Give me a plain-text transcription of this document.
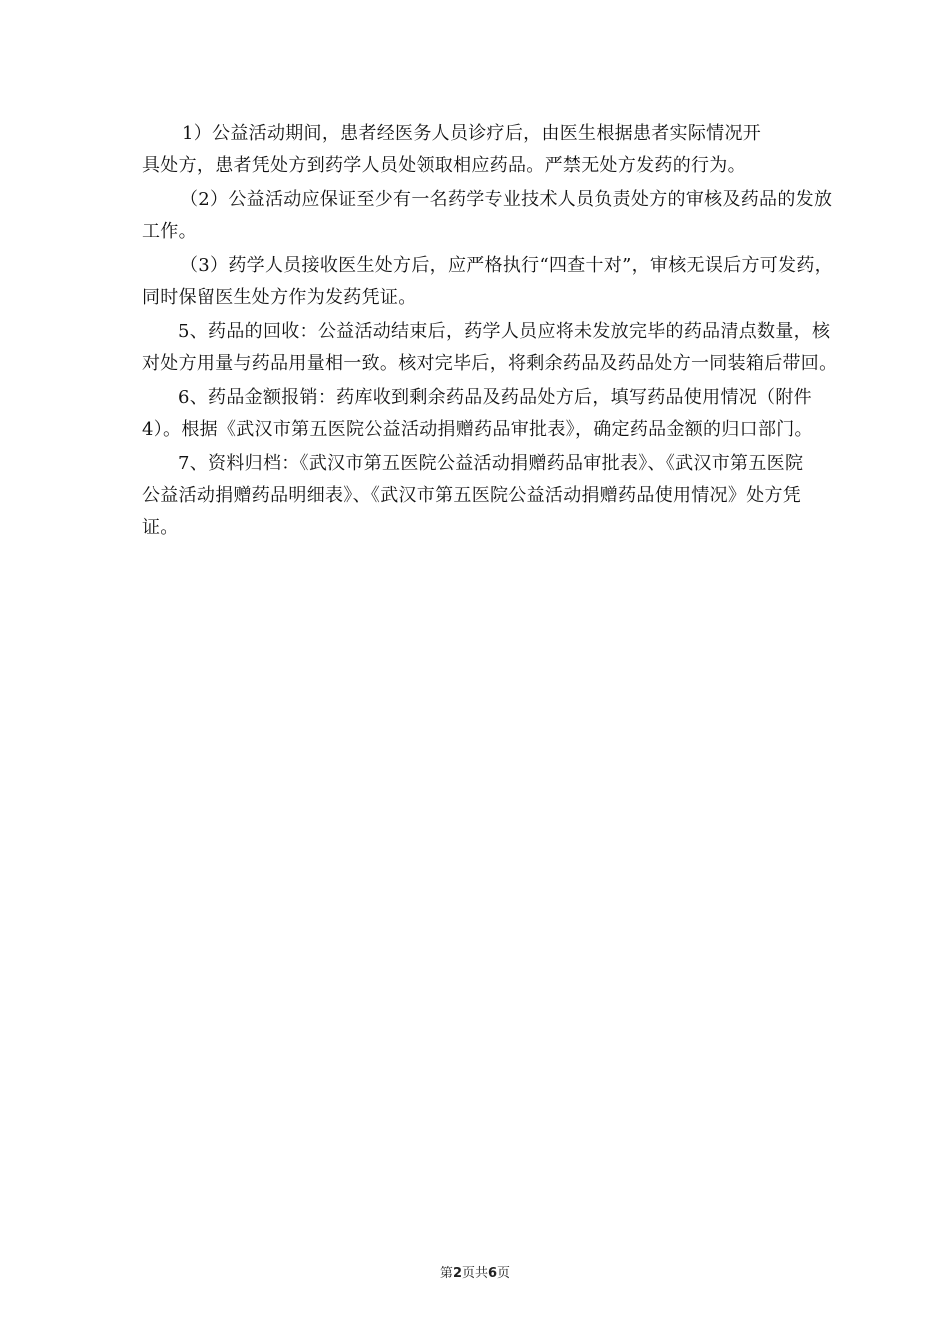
1）公益活动期间，患者经医务人员诊疗后，由医生根据患者实际情况开
具处方，患者凭处方到药学人员处领取相应药品。严禁无处方发药的行为。

（2）公益活动应保证至少有一名药学专业技术人员负责处方的审核及药品的发放
工作。

（3）药学人员接收医生处方后，应严格执行“四查十对”，审核无误后方可发药，
同时保留医生处方作为发药凭证。

5、药品的回收：公益活动结束后，药学人员应将未发放完毕的药品清点数量，核
对处方用量与药品用量相一致。核对完毕后，将剩余药品及药品处方一同装箱后带回。

6、药品金额报销：药库收到剩余药品及药品处方后，填写药品使用情况（附件
4）。根据《武汉市第五医院公益活动捐赠药品审批表》，确定药品金额的归口部门。

7、资料归档：《武汉市第五医院公益活动捐赠药品审批表》、《武汉市第五医院
公益活动捐赠药品明细表》、《武汉市第五医院公益活动捐赠药品使用情况》处方凭
证。

第2页共6页
